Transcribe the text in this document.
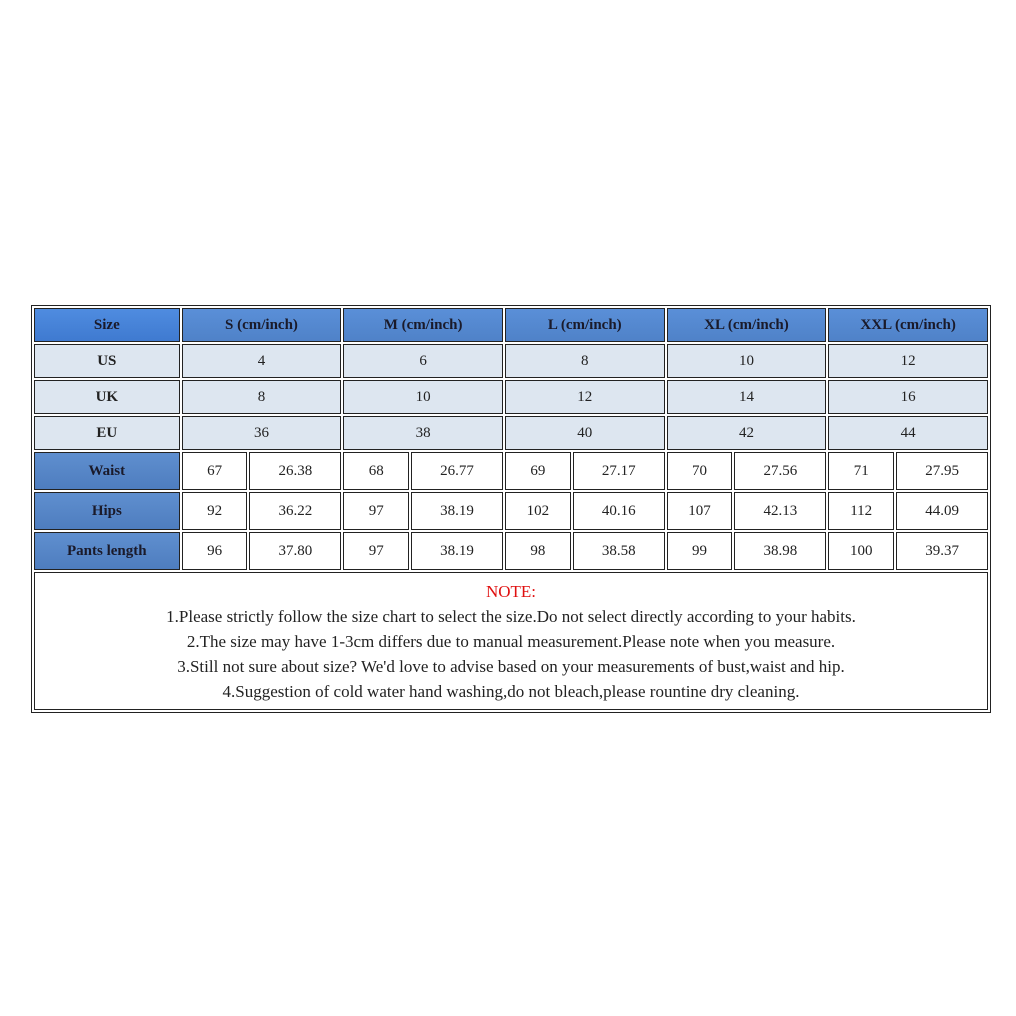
Size	S (cm/inch)		M (cm/inch)		L (cm/inch)		XL (cm/inch)		XXL (cm/inch)	
US	4		6		8		10		12	
UK	8		10		12		14		16	
EU	36		38		40		42		44	
Waist	67	26.38	68	26.77	69	27.17	70	27.56	71	27.95
Hips	92	36.22	97	38.19	102	40.16	107	42.13	112	44.09
Pants length	96	37.80	97	38.19	98	38.58	99	38.98	100	39.37

NOTE:
1.Please strictly follow the size chart to select the size.Do not select directly according to your habits.
2.The size may have 1-3cm differs due to manual measurement.Please note when you measure.
3.Still not sure about size? We'd love to advise based on your measurements of bust,waist and hip.
4.Suggestion of cold water hand washing,do not bleach,please rountine dry cleaning.										
